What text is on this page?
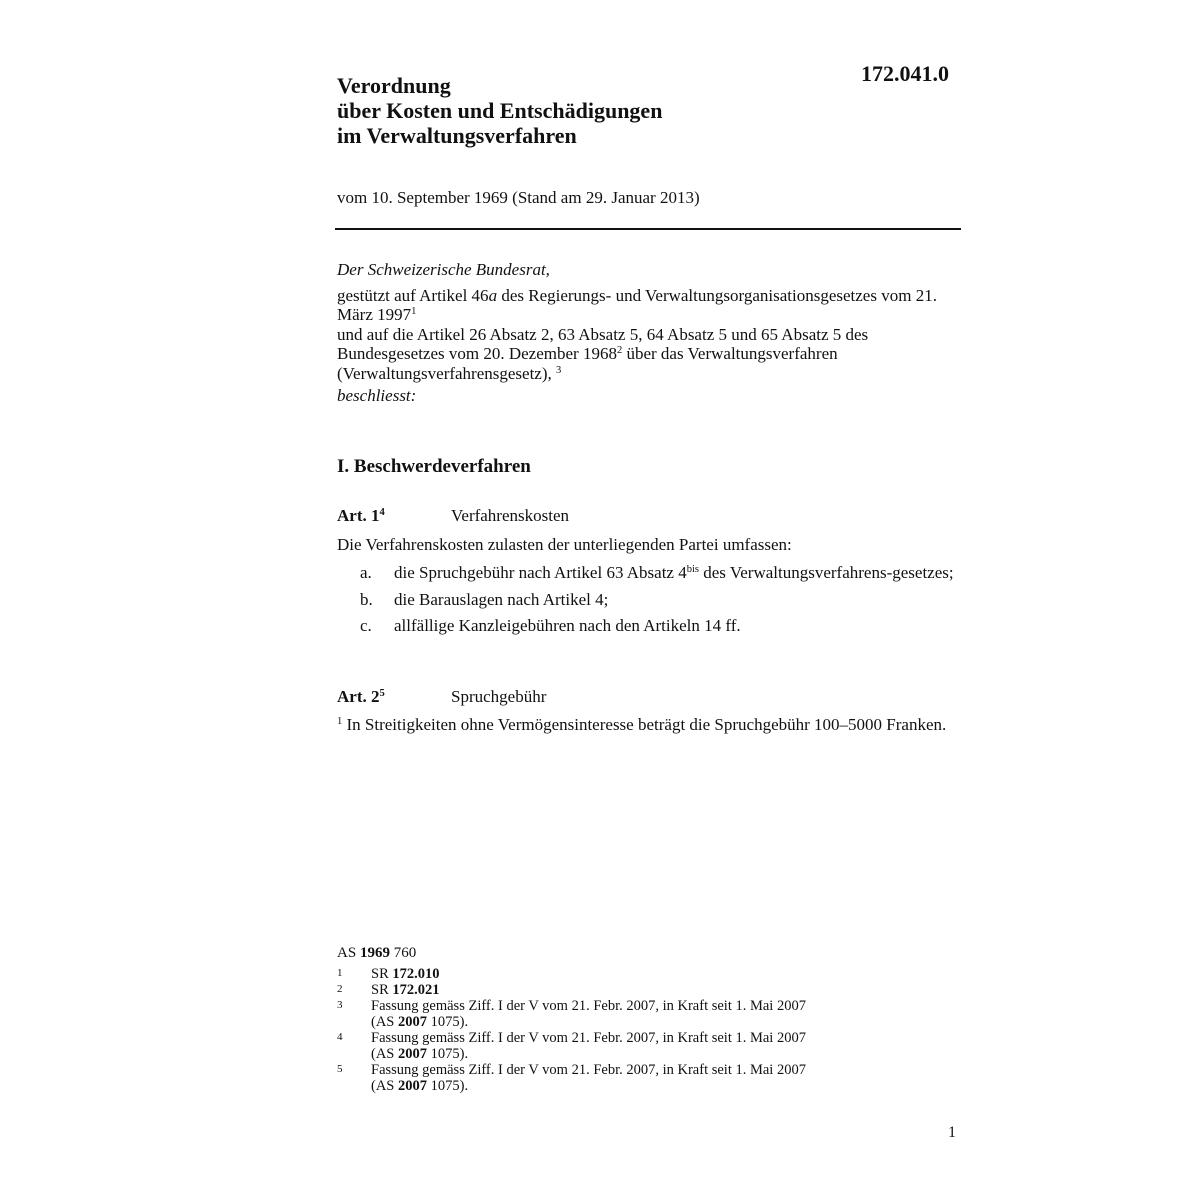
172.041.0
Verordnung
über Kosten und Entschädigungen
im Verwaltungsverfahren
vom 10. September 1969 (Stand am 29. Januar 2013)

Der Schweizerische Bundesrat,

gestützt auf Artikel 46a des Regierungs- und Verwaltungsorganisationsgesetzes vom 21. März 1997$^1$

und auf die Artikel 26 Absatz 2, 63 Absatz 5, 64 Absatz 5 und 65 Absatz 5 des Bundesgesetzes vom 20. Dezember 1968$^2$ über das Verwaltungsverfahren (Verwaltungsverfahrensgesetz), $^3$

beschliesst:

I. Beschwerdeverfahren
Art. $1^4$	Verfahrenskosten
Die Verfahrenskosten zulasten der unterliegenden Partei umfassen:
a.	die Spruchgebühr nach Artikel 63 Absatz $4^{bis}$ des Verwaltungsverfahrens-gesetzes;
b.	die Barauslagen nach Artikel 4;
c.	allfällige Kanzleigebühren nach den Artikeln 14 ff.
Art. $2^5$	Spruchgebühr
$^1$ In Streitigkeiten ohne Vermögensinteresse beträgt die Spruchgebühr 100–5000 Franken.
AS 1969 760
1	SR 172.010
2	SR 172.021
3	Fassung gemäss Ziff. I der V vom 21. Febr. 2007, in Kraft seit 1. Mai 2007
(AS 2007 1075).
4	Fassung gemäss Ziff. I der V vom 21. Febr. 2007, in Kraft seit 1. Mai 2007
(AS 2007 1075).
5	Fassung gemäss Ziff. I der V vom 21. Febr. 2007, in Kraft seit 1. Mai 2007
(AS 2007 1075).
1
